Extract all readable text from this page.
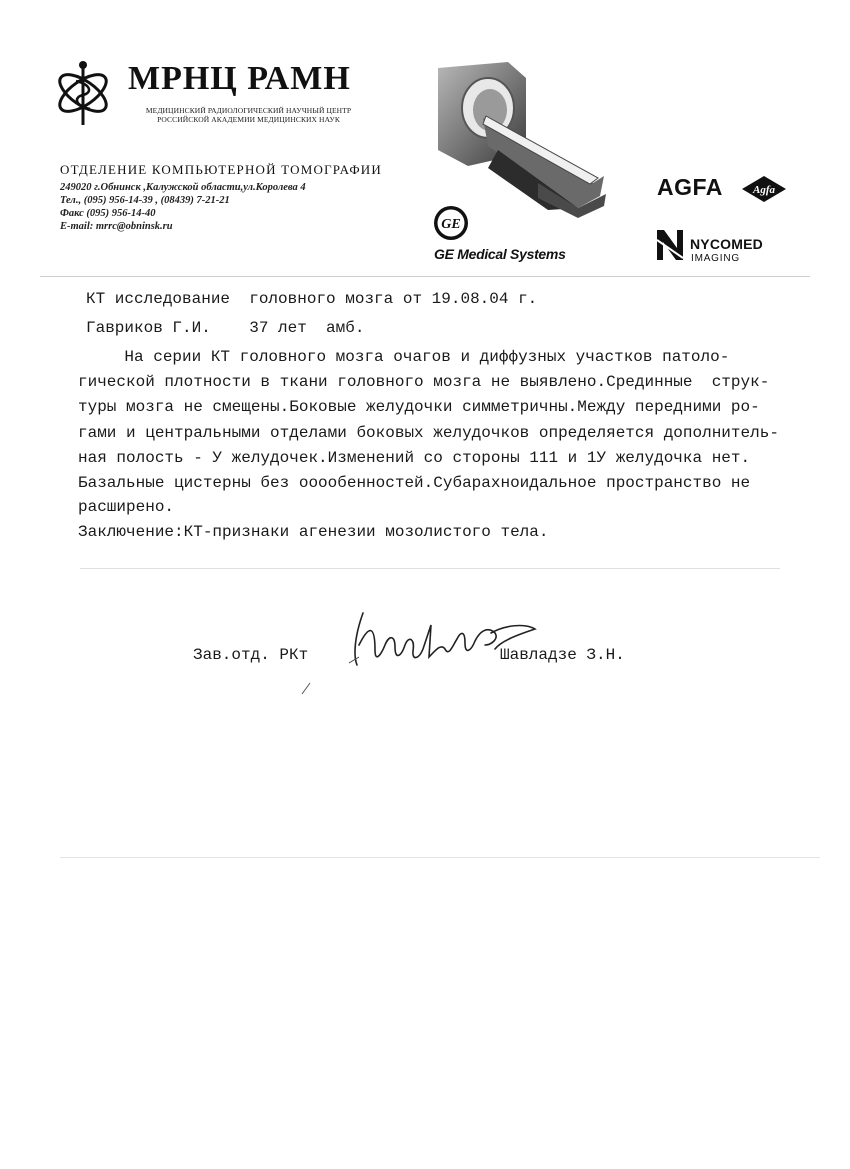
МРНЦ РАМН
МЕДИЦИНСКИЙ РАДИОЛОГИЧЕСКИЙ НАУЧНЫЙ ЦЕНТР
РОССИЙСКОЙ АКАДЕМИИ МЕДИЦИНСКИХ НАУК
ОТДЕЛЕНИЕ КОМПЬЮТЕРНОЙ ТОМОГРАФИИ
249020 г.Обнинск ,Калужской области,ул.Королева 4
Тел., (095) 956-14-39 , (08439) 7-21-21
Факс (095) 956-14-40
E-mail: mrrc@obninsk.ru	GE
GE Medical Systems
AGFA	Agfa
NYCOMED
IMAGING
КТ исследование  головного мозга от 19.08.04 г.
Гавриков Г.И.    37 лет  амб.
На серии КТ головного мозга очагов и диффузных участков патоло-
гической плотности в ткани головного мозга не выявлено.Срединные  струк-
туры мозга не смещены.Боковые желудочки симметричны.Между передними ро-
гами и центральными отделами боковых желудочков определяется дополнитель-
ная полость - У желудочек.Изменений со стороны 111 и 1У желудочка нет.
Базальные цистерны без ооообенностей.Субарахноидальное пространство не
расширено.
Заключение:КТ-признаки агенезии мозолистого тела.
Зав.отд. РКт	Шавладзе З.Н.
